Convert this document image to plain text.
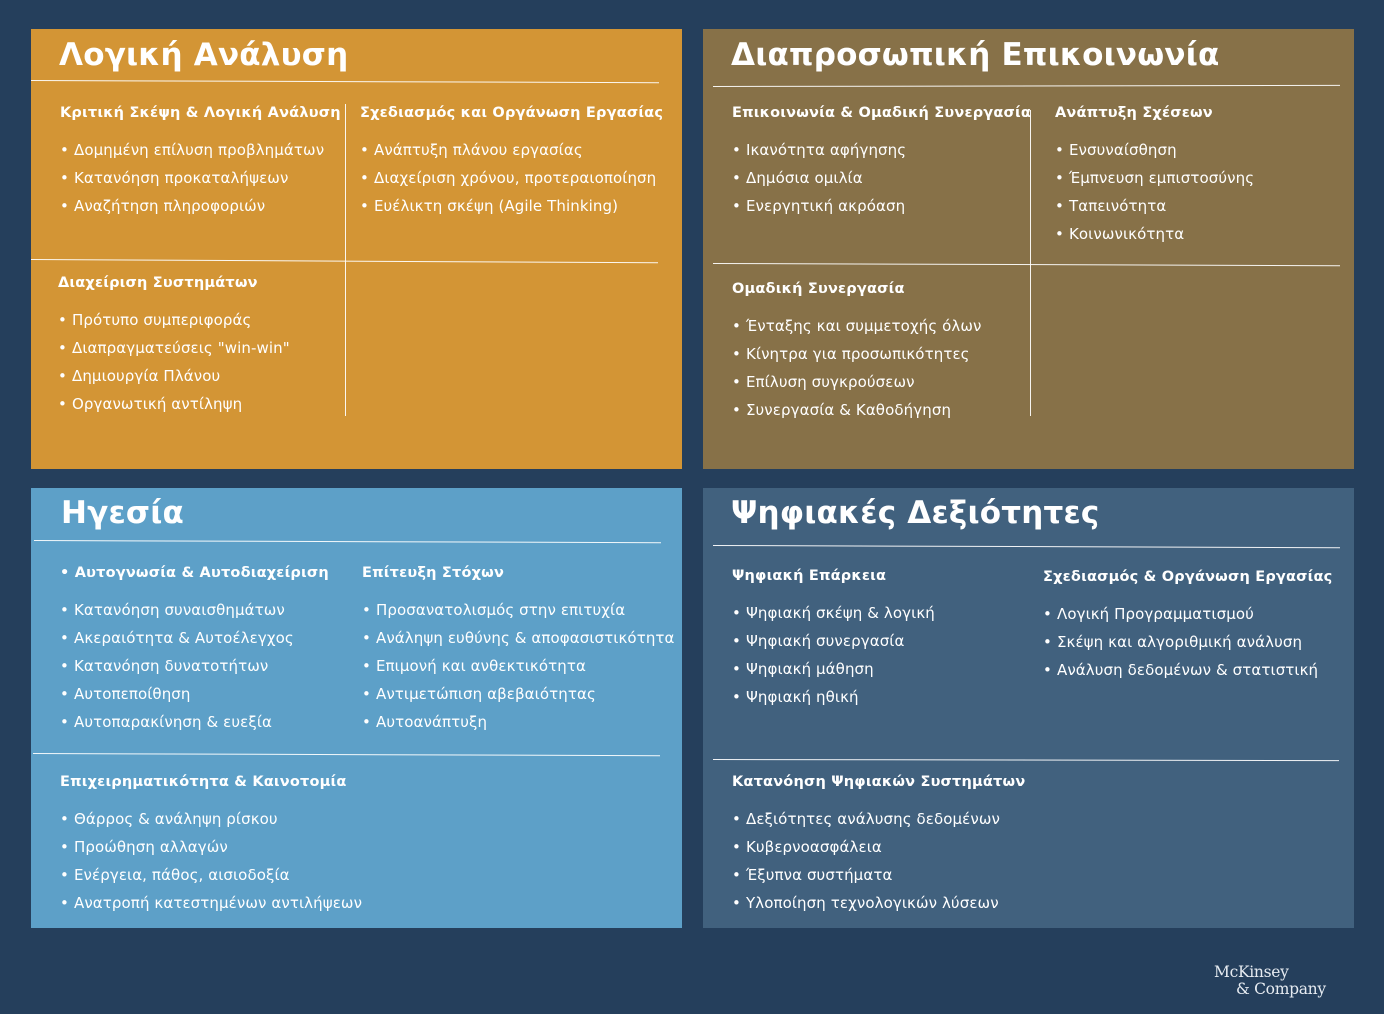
Λογική Ανάλυση
Κριτική Σκέψη & Λογική Ανάλυση
• Δομημένη επίλυση προβλημάτων
• Κατανόηση προκαταλήψεων
• Αναζήτηση πληροφοριών
Σχεδιασμός και Οργάνωση Εργασίας
• Ανάπτυξη πλάνου εργασίας
• Διαχείριση χρόνου, προτεραιοποίηση
• Ευέλικτη σκέψη (Agile Thinking)
Διαχείριση Συστημάτων
• Πρότυπο συμπεριφοράς
• Διαπραγματεύσεις "win-win"
• Δημιουργία Πλάνου
• Οργανωτική αντίληψη
Διαπροσωπική Επικοινωνία
Επικοινωνία & Ομαδική Συνεργασία
• Ικανότητα αφήγησης
• Δημόσια ομιλία
• Ενεργητική ακρόαση
Ανάπτυξη Σχέσεων
• Ενσυναίσθηση
• Έμπνευση εμπιστοσύνης
• Ταπεινότητα
• Κοινωνικότητα
Ομαδική Συνεργασία
• Ένταξης και συμμετοχής όλων
• Κίνητρα για προσωπικότητες
• Επίλυση συγκρούσεων
• Συνεργασία & Καθοδήγηση
Ηγεσία
• Αυτογνωσία & Αυτοδιαχείριση
• Κατανόηση συναισθημάτων
• Ακεραιότητα & Αυτοέλεγχος
• Κατανόηση δυνατοτήτων
• Αυτοπεποίθηση
• Αυτοπαρακίνηση & ευεξία
Επίτευξη Στόχων
• Προσανατολισμός στην επιτυχία
• Ανάληψη ευθύνης & αποφασιστικότητα
• Επιμονή και ανθεκτικότητα
• Αντιμετώπιση αβεβαιότητας
• Αυτοανάπτυξη
Επιχειρηματικότητα & Καινοτομία
• Θάρρος & ανάληψη ρίσκου
• Προώθηση αλλαγών
• Ενέργεια, πάθος, αισιοδοξία
• Ανατροπή κατεστημένων αντιλήψεων
Ψηφιακές Δεξιότητες
Ψηφιακή Επάρκεια
• Ψηφιακή σκέψη & λογική
• Ψηφιακή συνεργασία
• Ψηφιακή μάθηση
• Ψηφιακή ηθική
Σχεδιασμός & Οργάνωση Εργασίας
• Λογική Προγραμματισμού
• Σκέψη και αλγοριθμική ανάλυση
• Ανάλυση δεδομένων & στατιστική
Κατανόηση Ψηφιακών Συστημάτων
• Δεξιότητες ανάλυσης δεδομένων
• Κυβερνοασφάλεια
• Έξυπνα συστήματα
• Υλοποίηση τεχνολογικών λύσεων
McKinsey
& Company
